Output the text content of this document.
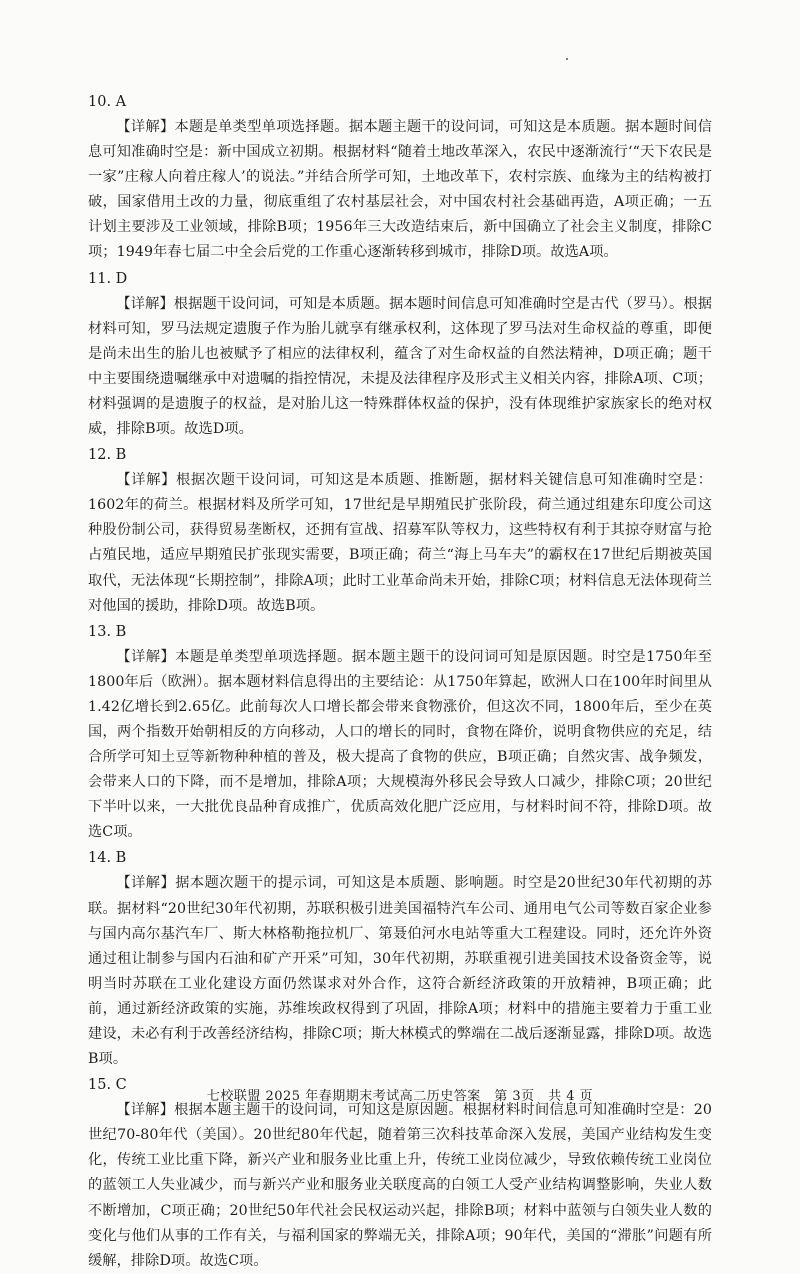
10. A

【详解】本题是单类型单项选择题。据本题主题干的设问词，可知这是本质题。据本题时间信息可知准确时空是：新中国成立初期。根据材料“随着土地改革深入，农民中逐渐流行‘“天下农民是一家”庄稼人向着庄稼人’的说法。”并结合所学可知，土地改革下，农村宗族、血缘为主的结构被打破，国家借用土改的力量，彻底重组了农村基层社会，对中国农村社会基础再造，A项正确；一五计划主要涉及工业领域，排除B项；1956年三大改造结束后，新中国确立了社会主义制度，排除C项；1949年春七届二中全会后党的工作重心逐渐转移到城市，排除D项。故选A项。

11. D

【详解】根据题干设问词，可知是本质题。据本题时间信息可知准确时空是古代（罗马）。根据材料可知，罗马法规定遗腹子作为胎儿就享有继承权利，这体现了罗马法对生命权益的尊重，即便是尚未出生的胎儿也被赋予了相应的法律权利，蕴含了对生命权益的自然法精神，D项正确；题干中主要围绕遗嘱继承中对遗嘱的指控情况，未提及法律程序及形式主义相关内容，排除A项、C项；材料强调的是遗腹子的权益，是对胎儿这一特殊群体权益的保护，没有体现维护家族家长的绝对权威，排除B项。故选D项。

12. B

【详解】根据次题干设问词，可知这是本质题、推断题，据材料关键信息可知准确时空是：1602年的荷兰。根据材料及所学可知，17世纪是早期殖民扩张阶段，荷兰通过组建东印度公司这种股份制公司，获得贸易垄断权，还拥有宣战、招募军队等权力，这些特权有利于其掠夺财富与抢占殖民地，适应早期殖民扩张现实需要，B项正确；荷兰“海上马车夫”的霸权在17世纪后期被英国取代，无法体现“长期控制”，排除A项；此时工业革命尚未开始，排除C项；材料信息无法体现荷兰对他国的援助，排除D项。故选B项。

13. B

【详解】本题是单类型单项选择题。据本题主题干的设问词可知是原因题。时空是1750年至1800年后（欧洲）。据本题材料信息得出的主要结论：从1750年算起，欧洲人口在100年时间里从1.42亿增长到2.65亿。此前每次人口增长都会带来食物涨价，但这次不同，1800年后，至少在英国，两个指数开始朝相反的方向移动，人口的增长的同时，食物在降价，说明食物供应的充足，结合所学可知土豆等新物种种植的普及，极大提高了食物的供应，B项正确；自然灾害、战争频发，会带来人口的下降，而不是增加，排除A项；大规模海外移民会导致人口减少，排除C项；20世纪下半叶以来，一大批优良品种育成推广，优质高效化肥广泛应用，与材料时间不符，排除D项。故选C项。

14. B

【详解】据本题次题干的提示词，可知这是本质题、影响题。时空是20世纪30年代初期的苏联。据材料“20世纪30年代初期，苏联积极引进美国福特汽车公司、通用电气公司等数百家企业参与国内高尔基汽车厂、斯大林格勒拖拉机厂、第聂伯河水电站等重大工程建设。同时，还允许外资通过租让制参与国内石油和矿产开采”可知，30年代初期，苏联重视引进美国技术设备资金等，说明当时苏联在工业化建设方面仍然谋求对外合作，这符合新经济政策的开放精神，B项正确；此前，通过新经济政策的实施，苏维埃政权得到了巩固，排除A项；材料中的措施主要着力于重工业建设，未必有利于改善经济结构，排除C项；斯大林模式的弊端在二战后逐渐显露，排除D项。故选B项。

15. C

【详解】根据本题主题干的设问词，可知这是原因题。根据材料时间信息可知准确时空是：20世纪70-80年代（美国）。20世纪80年代起，随着第三次科技革命深入发展，美国产业结构发生变化，传统工业比重下降，新兴产业和服务业比重上升，传统工业岗位减少，导致依赖传统工业岗位的蓝领工人失业减少，而与新兴产业和服务业关联度高的白领工人受产业结构调整影响，失业人数不断增加，C项正确；20世纪50年代社会民权运动兴起，排除B项；材料中蓝领与白领失业人数的变化与他们从事的工作有关，与福利国家的弊端无关，排除A项；90年代，美国的“滞胀”问题有所缓解，排除D项。故选C项。

七校联盟 2025 年春期期末考试高二历史答案　第 3页　共 4 页
